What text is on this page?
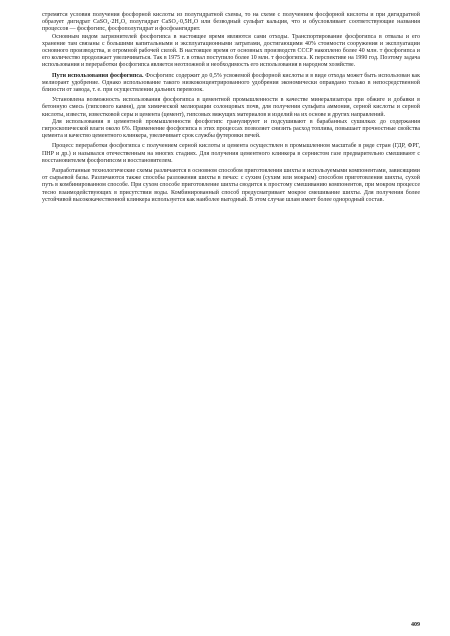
стремятся условия получения фосфорной кислоты из полугидратной схемы, то на схеме с получением фосфорной кислоты и при дигидратной образует дигидрат CaSO₄·2H₂O, полугидрат CaSO₄·0,5H₂O или безводный сульфат кальция, что и обусловливает соответствующие названия процессов — фосфогипс, фосфополугидрат и фосфоангидрит.

Основным видом загрязнителей фосфогипса в настоящее время являются сами отходы. Транспортирование фосфогипса в отвалы и его хранение там связаны с большими капитальными и эксплуатационными затратами, достигающими 40% стоимости сооружения и эксплуатации основного производства, и огромной рабочей силой. В настоящее время от основных производств СССР накоплено более 40 млн. т фосфогипса и его количество продолжает увеличиваться. Так в 1975 г. в отвал поступило более 10 млн. т фосфогипса. К перспективе на 1990 год. Поэтому задача использования и переработки фосфогипса является неотложной и необходимость его использования в народном хозяйстве.

Пути использования фосфогипса. Фосфогипс содержит до 0,5% усвояемой фосфорной кислоты и в виде отхода может быть использован как мелиорант удобрение. Однако использование такого низкоконцентрированного удобрения экономически оправдано только в непосредственной близости от завода, т. е. при осуществлении дальних перевозок.

Установлена возможность использования фосфогипса в цементной промышленности в качестве минерализатора при обжиге и добавки в бетонную смесь (гипсового камня), для химической мелиорации солонцовых почв, для получения сульфата аммония, серной кислоты и серной кислоты, извести, известковой серы и цемента (цемент), гипсовых вяжущих материалов и изделий на их основе и других направлений.

Для использования в цементной промышленности фосфогипс гранулируют и подсушивают в барабанных сушилках до содержания гигроскопической влаги около 6%. Применение фосфогипса в этих процессах позволяет снизить расход топлива, повышает прочностные свойства цемента и качество цементного клинкера, увеличивает срок службы футеровки печей.

Процесс переработки фосфогипса с получением серной кислоты и цемента осуществлен в промышленном масштабе в ряде стран (ГДР, ФРГ, ПНР и др.) и назывался отечественным на многих стадиях. Для получения цементного клинкера в сернистом газе предварительно смешивают с восстановителем фосфогипсом и восстановителем.

Разработанные технологические схемы различаются в основном способом приготовления шихты и используемыми компонентами, зависящими от сырьевой базы. Различаются также способы разложения шихты в печах: с сухим (сухим или мокрым) способом приготовления шихты, сухой путь в комбинированном способе. При сухом способе приготовление шихты сводится к простому смешиванию компонентов, при мокром процессе тесно взаимодействующих в присутствии воды. Комбинированный способ предусматривает мокрое смешивание шихты. Для получения более устойчивой высококачественной клинкера используется как наиболее выгодный. В этом случае шлам имеет более однородный состав.

409
